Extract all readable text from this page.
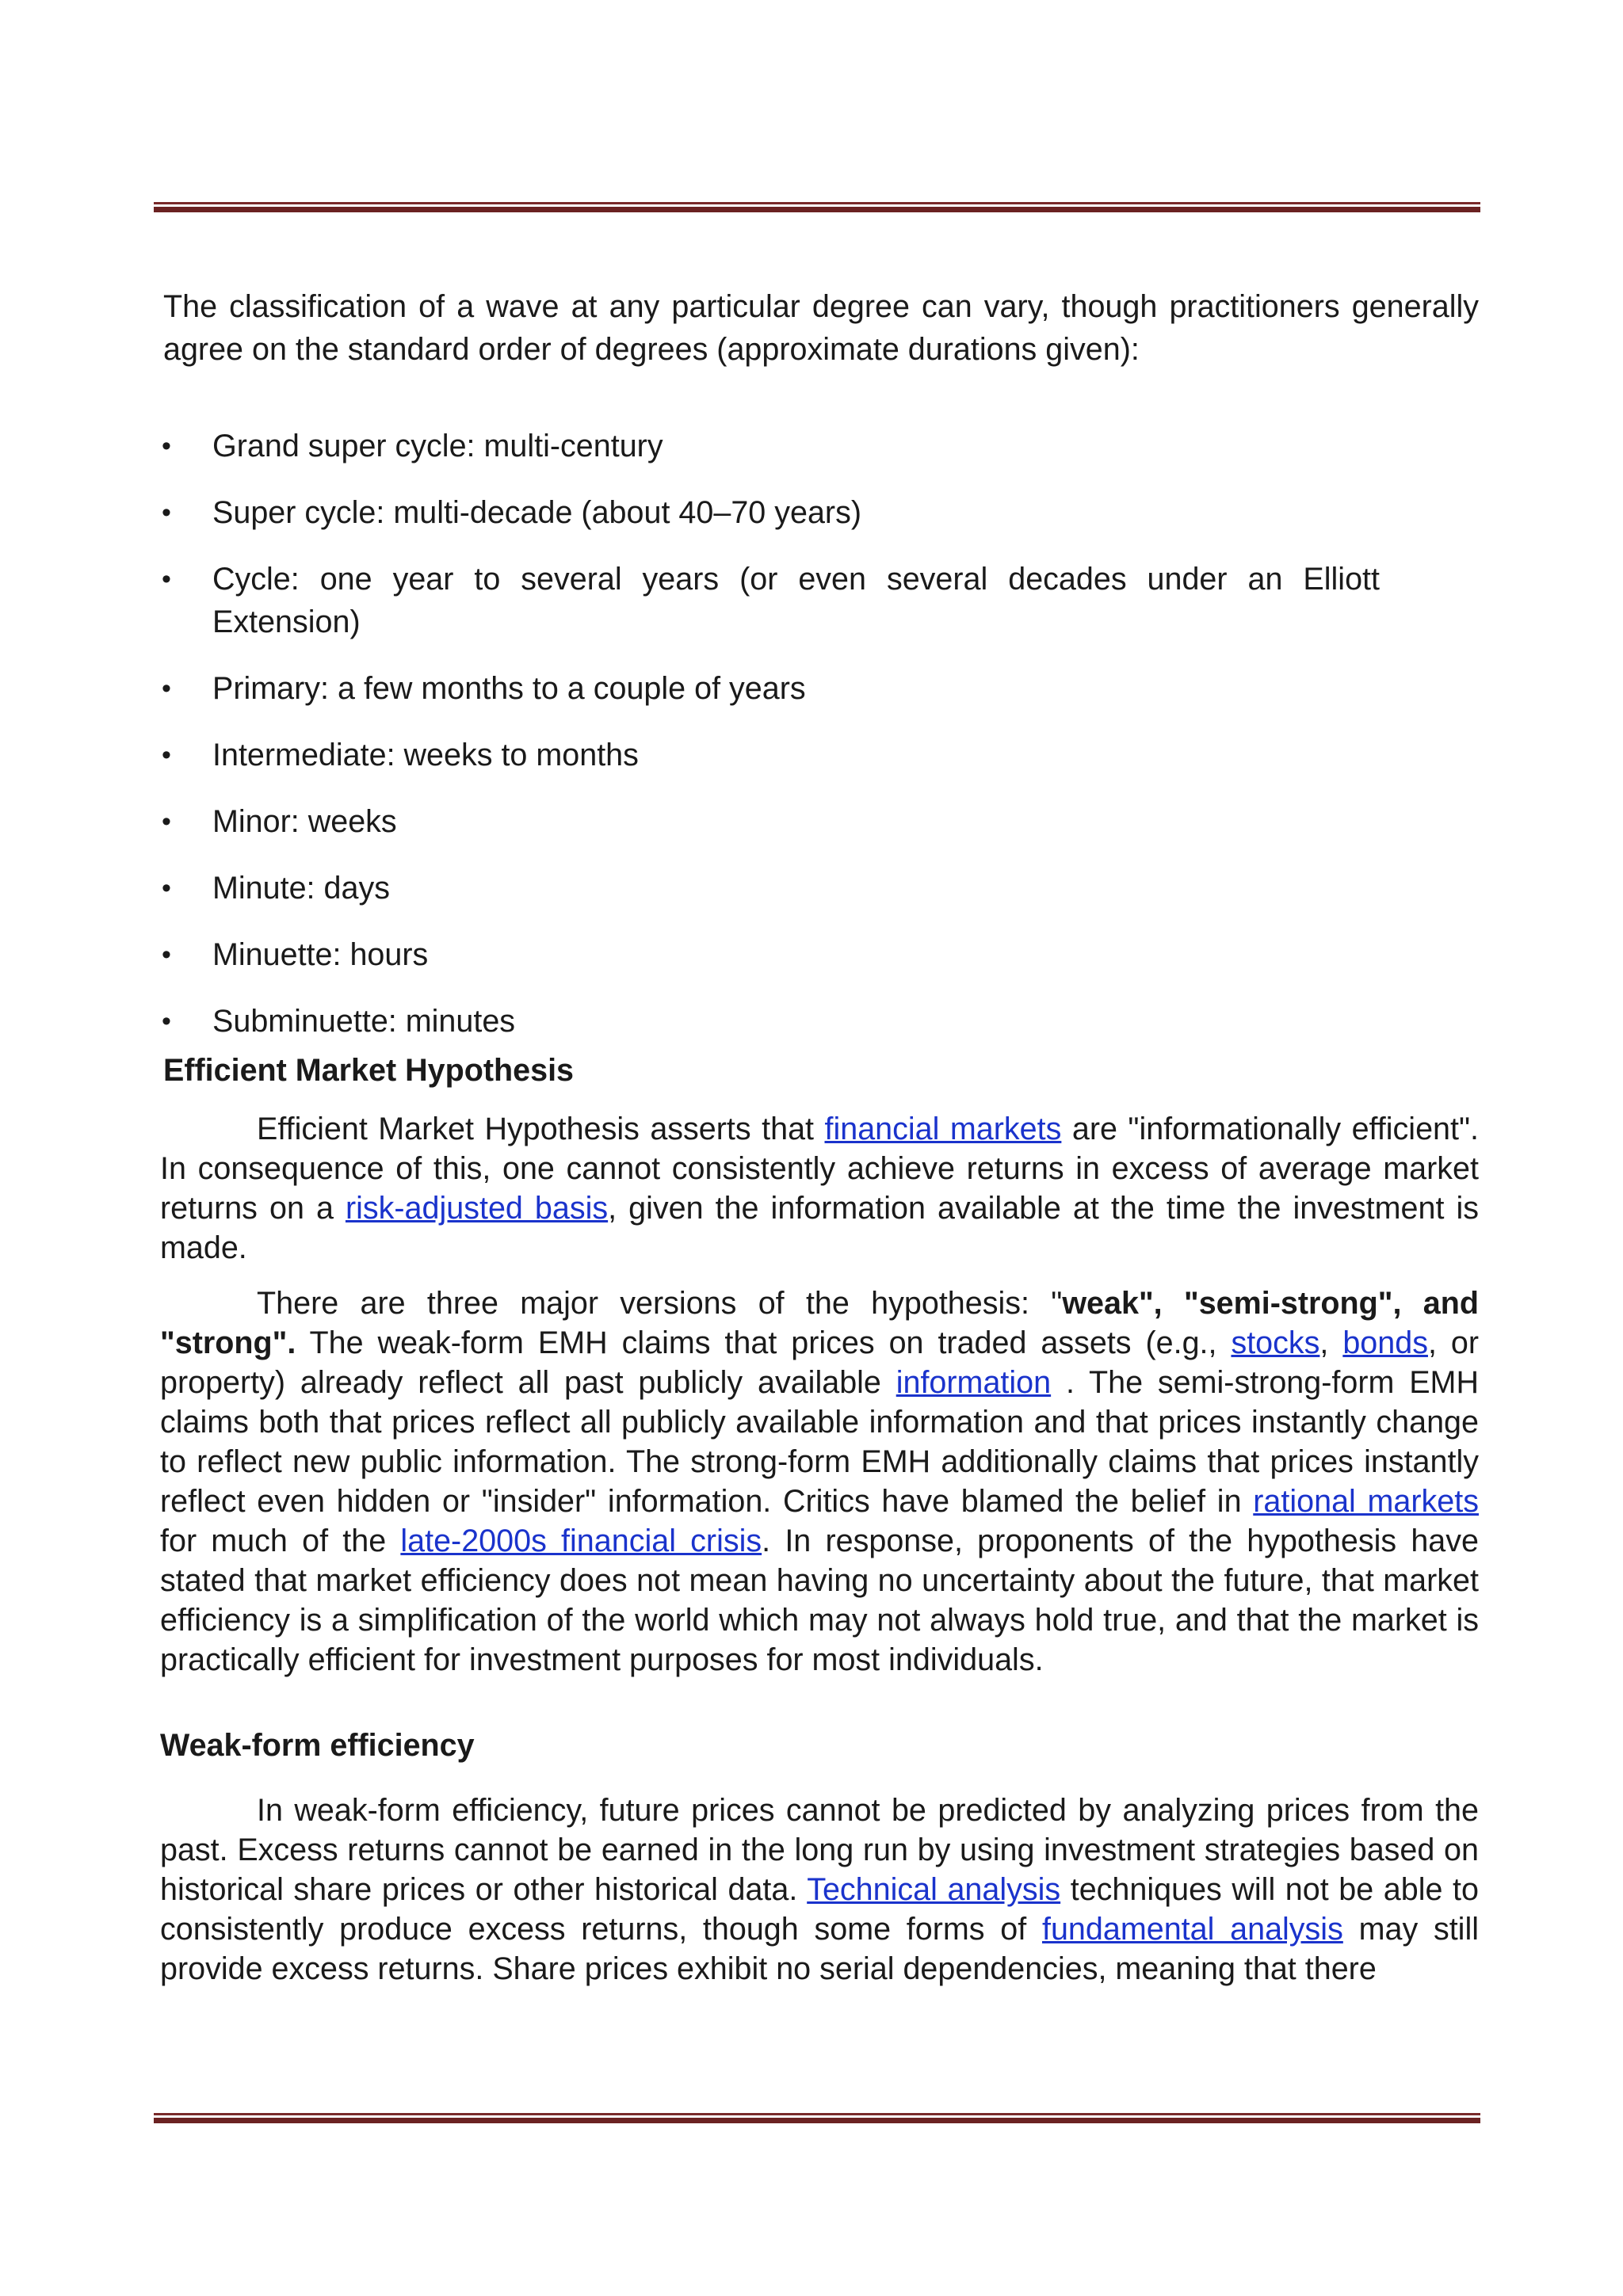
The classification of a wave at any particular degree can vary, though practitioners generally agree on the standard order of degrees (approximate durations given):

• Grand super cycle: multi-century
• Super cycle: multi-decade (about 40–70 years)
• Cycle: one year to several years (or even several decades under an Elliott Extension)
• Primary: a few months to a couple of years
• Intermediate: weeks to months
• Minor: weeks
• Minute: days
• Minuette: hours
• Subminuette: minutes
Efficient Market Hypothesis

Efficient Market Hypothesis asserts that financial markets are "informationally efficient". In consequence of this, one cannot consistently achieve returns in excess of average market returns on a risk-adjusted basis, given the information available at the time the investment is made.

There are three major versions of the hypothesis: "weak", "semi-strong", and "strong". The weak-form EMH claims that prices on traded assets (e.g., stocks, bonds, or property) already reflect all past publicly available information . The semi-strong-form EMH claims both that prices reflect all publicly available information and that prices instantly change to reflect new public information. The strong-form EMH additionally claims that prices instantly reflect even hidden or "insider" information. Critics have blamed the belief in rational markets for much of the late-2000s financial crisis. In response, proponents of the hypothesis have stated that market efficiency does not mean having no uncertainty about the future, that market efficiency is a simplification of the world which may not always hold true, and that the market is practically efficient for investment purposes for most individuals.

Weak-form efficiency

In weak-form efficiency, future prices cannot be predicted by analyzing prices from the past. Excess returns cannot be earned in the long run by using investment strategies based on historical share prices or other historical data. Technical analysis techniques will not be able to consistently produce excess returns, though some forms of fundamental analysis may still provide excess returns. Share prices exhibit no serial dependencies, meaning that there
